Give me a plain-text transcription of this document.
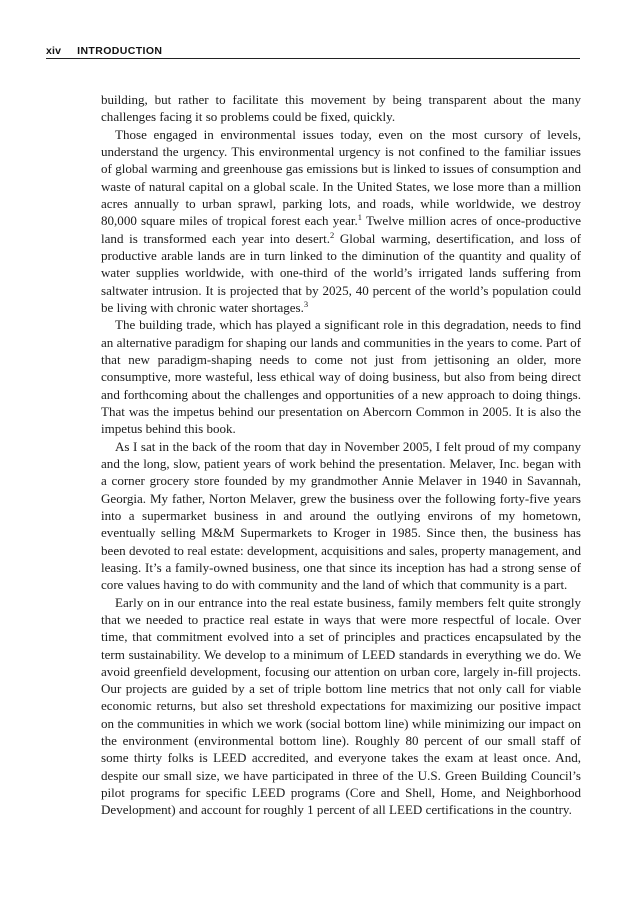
xiv INTRODUCTION

building, but rather to facilitate this movement by being transparent about the many challenges facing it so problems could be fixed, quickly.

Those engaged in environmental issues today, even on the most cursory of levels, understand the urgency. This environmental urgency is not confined to the familiar issues of global warming and greenhouse gas emissions but is linked to issues of consumption and waste of natural capital on a global scale. In the United States, we lose more than a million acres annually to urban sprawl, parking lots, and roads, while worldwide, we destroy 80,000 square miles of tropical forest each year.$^1$ Twelve million acres of once-productive land is transformed each year into desert.$^2$ Global warming, desertification, and loss of productive arable lands are in turn linked to the diminution of the quantity and quality of water supplies worldwide, with one-third of the world’s irrigated lands suffering from saltwater intrusion. It is projected that by 2025, 40 percent of the world’s population could be living with chronic water shortages.$^3$

The building trade, which has played a significant role in this degradation, needs to find an alternative paradigm for shaping our lands and communities in the years to come. Part of that new paradigm-shaping needs to come not just from jettisoning an older, more consumptive, more wasteful, less ethical way of doing business, but also from being direct and forthcoming about the challenges and opportunities of a new approach to doing things. That was the impetus behind our presentation on Abercorn Common in 2005. It is also the impetus behind this book.

As I sat in the back of the room that day in November 2005, I felt proud of my company and the long, slow, patient years of work behind the presentation. Melaver, Inc. began with a corner grocery store founded by my grandmother Annie Melaver in 1940 in Savannah, Georgia. My father, Norton Melaver, grew the business over the following forty-five years into a supermarket business in and around the outlying environs of my hometown, eventually selling M&M Supermarkets to Kroger in 1985. Since then, the business has been devoted to real estate: development, acquisitions and sales, property management, and leasing. It’s a family-owned business, one that since its inception has had a strong sense of core values having to do with community and the land of which that community is a part.

Early on in our entrance into the real estate business, family members felt quite strongly that we needed to practice real estate in ways that were more respectful of locale. Over time, that commitment evolved into a set of principles and practices encapsulated by the term sustainability. We develop to a minimum of LEED standards in everything we do. We avoid greenfield development, focusing our attention on urban core, largely in-fill projects. Our projects are guided by a set of triple bottom line metrics that not only call for viable economic returns, but also set threshold expectations for maximizing our positive impact on the communities in which we work (social bottom line) while minimizing our impact on the environment (environmental bottom line). Roughly 80 percent of our small staff of some thirty folks is LEED accredited, and everyone takes the exam at least once. And, despite our small size, we have participated in three of the U.S. Green Building Council’s pilot programs for specific LEED programs (Core and Shell, Home, and Neighborhood Development) and account for roughly 1 percent of all LEED certifications in the country.
